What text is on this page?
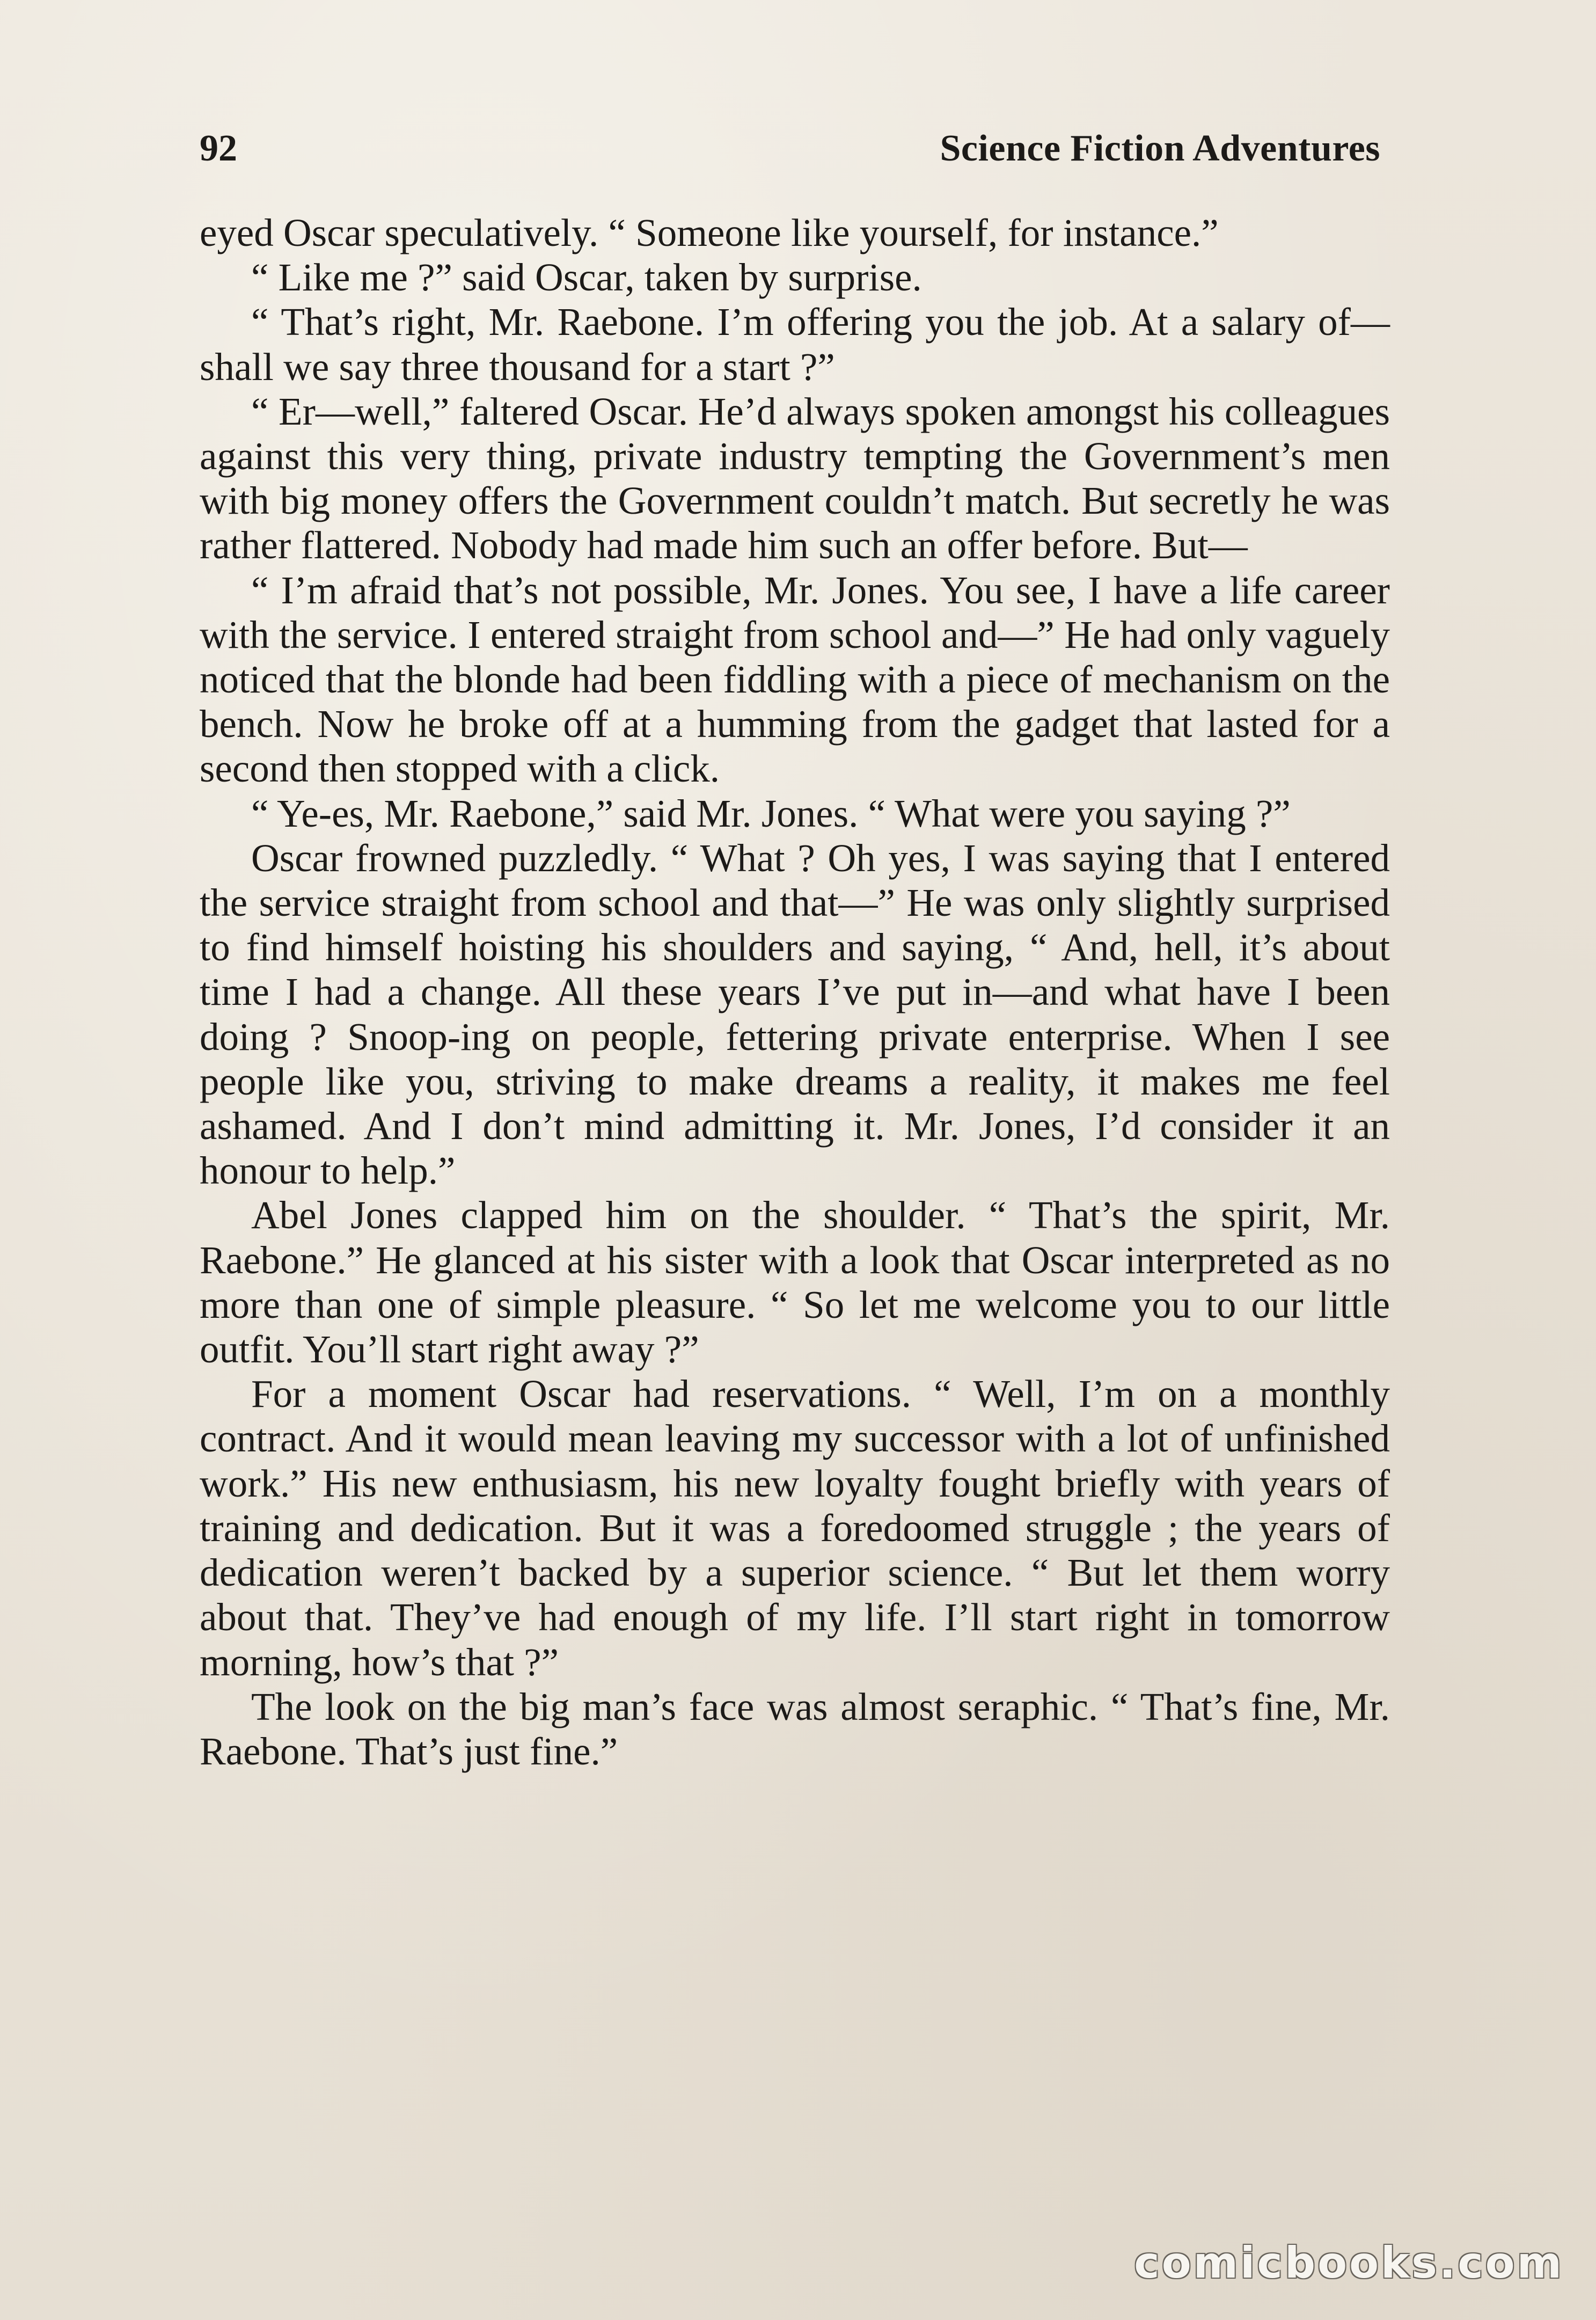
92	Science Fiction Adventures

eyed Oscar speculatively. “ Someone like yourself, for instance.”

“ Like me ?” said Oscar, taken by surprise.

“ That’s right, Mr. Raebone. I’m offering you the job. At a salary of—shall we say three thousand for a start ?”

“ Er—well,” faltered Oscar. He’d always spoken amongst his colleagues against this very thing, private industry tempting the Government’s men with big money offers the Government couldn’t match. But secretly he was rather flattered. Nobody had made him such an offer before. But—

“ I’m afraid that’s not possible, Mr. Jones. You see, I have a life career with the service. I entered straight from school and—” He had only vaguely noticed that the blonde had been fiddling with a piece of mechanism on the bench. Now he broke off at a humming from the gadget that lasted for a second then stopped with a click.

“ Ye-es, Mr. Raebone,” said Mr. Jones. “ What were you saying ?”

Oscar frowned puzzledly. “ What ? Oh yes, I was saying that I entered the service straight from school and that—” He was only slightly surprised to find himself hoisting his shoulders and saying, “ And, hell, it’s about time I had a change. All these years I’ve put in—and what have I been doing ? Snoop-ing on people, fettering private enterprise. When I see people like you, striving to make dreams a reality, it makes me feel ashamed. And I don’t mind admitting it. Mr. Jones, I’d consider it an honour to help.”

Abel Jones clapped him on the shoulder. “ That’s the spirit, Mr. Raebone.” He glanced at his sister with a look that Oscar interpreted as no more than one of simple pleasure. “ So let me welcome you to our little outfit. You’ll start right away ?”

For a moment Oscar had reservations. “ Well, I’m on a monthly contract. And it would mean leaving my successor with a lot of unfinished work.” His new enthusiasm, his new loyalty fought briefly with years of training and dedication. But it was a foredoomed struggle ; the years of dedication weren’t backed by a superior science. “ But let them worry about that. They’ve had enough of my life. I’ll start right in tomorrow morning, how’s that ?”

The look on the big man’s face was almost seraphic. “ That’s fine, Mr. Raebone. That’s just fine.”

comicbooks.com
